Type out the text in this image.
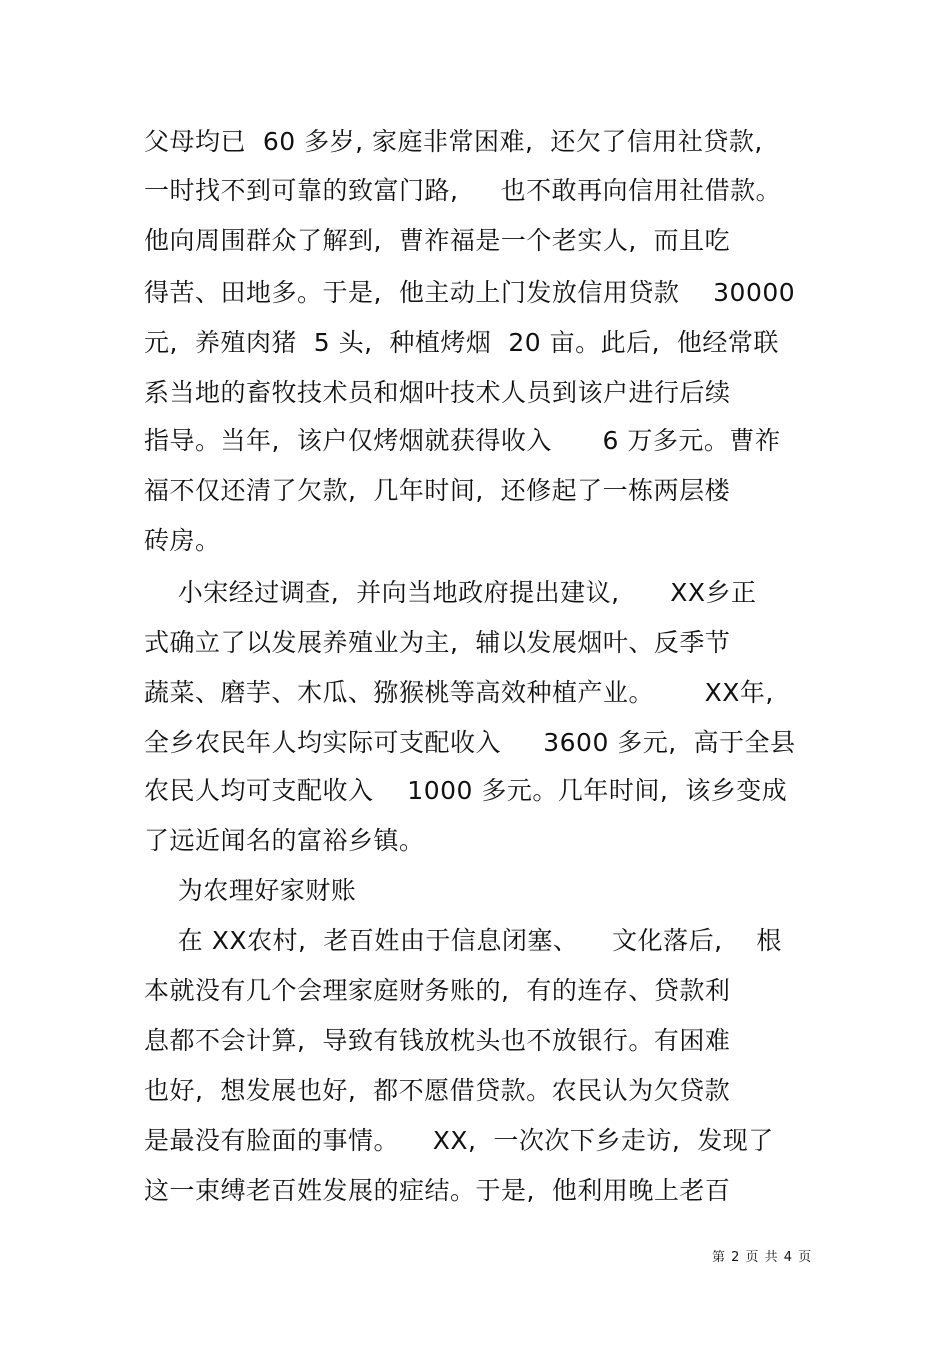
父母均已  60 多岁, 家庭非常困难,  还欠了信用社贷款,
一时找不到可靠的致富门路,     也不敢再向信用社借款。
他向周围群众了解到,  曹祚福是一个老实人,  而且吃
得苦、田地多。于是,  他主动上门发放信用贷款    30000
元,  养殖肉猪  5 头,  种植烤烟  20 亩。此后,  他经常联
系当地的畜牧技术员和烟叶技术人员到该户进行后续
指导。当年,  该户仅烤烟就获得收入      6 万多元。曹祚
福不仅还清了欠款,  几年时间,  还修起了一栋两层楼
砖房。
小宋经过调查,  并向当地政府提出建议,      XX乡正
式确立了以发展养殖业为主,  辅以发展烟叶、反季节
蔬菜、磨芋、木瓜、猕猴桃等高效种植产业。      XX年,
全乡农民年人均实际可支配收入     3600 多元,  高于全县
农民人均可支配收入    1000 多元。几年时间,  该乡变成
了远近闻名的富裕乡镇。
为农理好家财账
在 XX农村,  老百姓由于信息闭塞、    文化落后,    根
本就没有几个会理家庭财务账的,  有的连存、贷款利
息都不会计算,  导致有钱放枕头也不放银行。有困难
也好,  想发展也好,  都不愿借贷款。农民认为欠贷款
是最没有脸面的事情。    XX,  一次次下乡走访,  发现了
这一束缚老百姓发展的症结。于是,  他利用晚上老百
第 2 页 共 4 页
